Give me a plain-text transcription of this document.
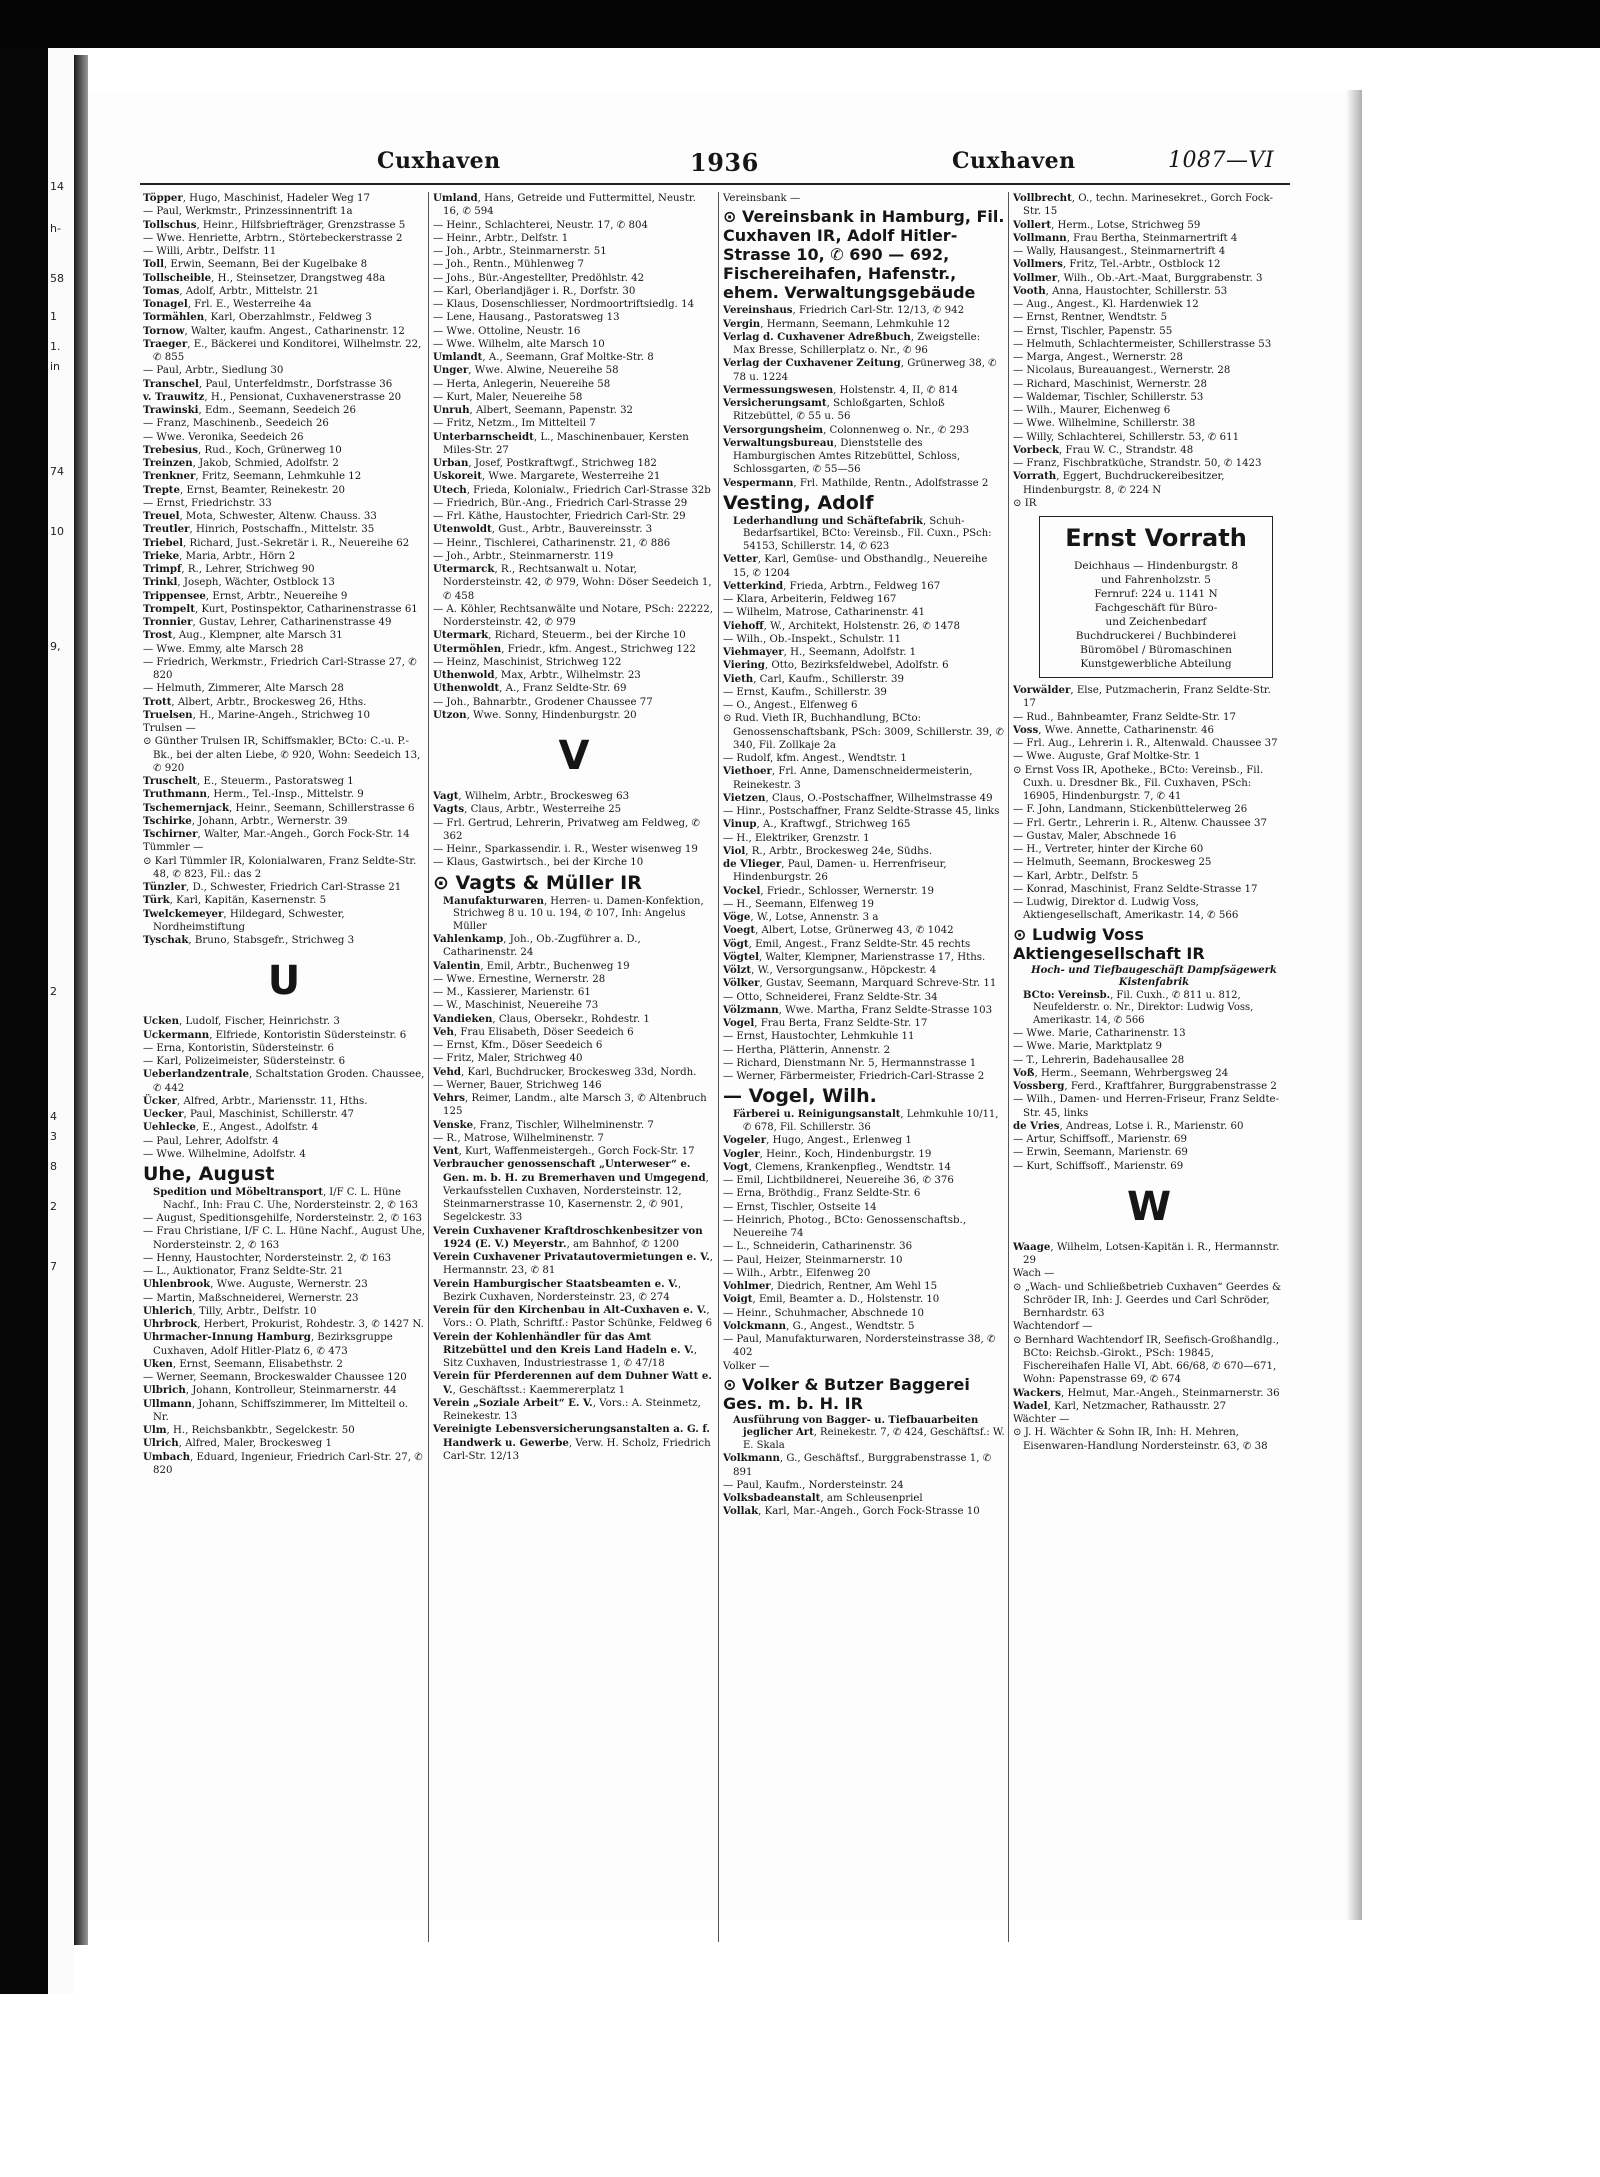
Cuxhaven	1936	Cuxhaven	1087—VI

Töpper, Hugo, Maschinist, Hadeler Weg 17

— Paul, Werkmstr., Prinzessinnentrift 1a

Tollschus, Heinr., Hilfsbriefträger, Grenzstrasse 5

— Wwe. Henriette, Arbtrn., Störtebeckerstrasse 2

— Willi, Arbtr., Delfstr. 11

Toll, Erwin, Seemann, Bei der Kugelbake 8

Tollscheible, H., Steinsetzer, Drangstweg 48a

Tomas, Adolf, Arbtr., Mittelstr. 21

Tonagel, Frl. E., Westerreihe 4a

Tormählen, Karl, Oberzahlmstr., Feldweg 3

Tornow, Walter, kaufm. Angest., Catharinenstr. 12

Traeger, E., Bäckerei und Konditorei, Wilhelmstr. 22, ✆ 855

— Paul, Arbtr., Siedlung 30

Transchel, Paul, Unterfeldmstr., Dorfstrasse 36

v. Trauwitz, H., Pensionat, Cuxhavenerstrasse 20

Trawinski, Edm., Seemann, Seedeich 26

— Franz, Maschinenb., Seedeich 26

— Wwe. Veronika, Seedeich 26

Trebesius, Rud., Koch, Grünerweg 10

Treinzen, Jakob, Schmied, Adolfstr. 2

Trenkner, Fritz, Seemann, Lehmkuhle 12

Trepte, Ernst, Beamter, Reinekestr. 20

— Ernst, Friedrichstr. 33

Treuel, Mota, Schwester, Altenw. Chauss. 33

Treutler, Hinrich, Postschaffn., Mittelstr. 35

Triebel, Richard, Just.-Sekretär i. R., Neuereihe 62

Trieke, Maria, Arbtr., Hörn 2

Trimpf, R., Lehrer, Strichweg 90

Trinkl, Joseph, Wächter, Ostblock 13

Trippensee, Ernst, Arbtr., Neuereihe 9

Trompelt, Kurt, Postinspektor, Catharinenstrasse 61

Tronnier, Gustav, Lehrer, Catharinenstrasse 49

Trost, Aug., Klempner, alte Marsch 31

— Wwe. Emmy, alte Marsch 28

— Friedrich, Werkmstr., Friedrich Carl-Strasse 27, ✆ 820

— Helmuth, Zimmerer, Alte Marsch 28

Trott, Albert, Arbtr., Brockesweg 26, Hths.

Truelsen, H., Marine-Angeh., Strichweg 10

Trulsen —

⊙ Günther Trulsen IR, Schiffsmakler, BCto: C.-u. P.-Bk., bei der alten Liebe, ✆ 920, Wohn: Seedeich 13, ✆ 920

Truschelt, E., Steuerm., Pastoratsweg 1

Truthmann, Herm., Tel.-Insp., Mittelstr. 9

Tschemernjack, Heinr., Seemann, Schillerstrasse 6

Tschirke, Johann, Arbtr., Wernerstr. 39

Tschirner, Walter, Mar.-Angeh., Gorch Fock-Str. 14

Tümmler —

⊙ Karl Tümmler IR, Kolonialwaren, Franz Seldte-Str. 48, ✆ 823, Fil.: das 2

Tünzler, D., Schwester, Friedrich Carl-Strasse 21

Türk, Karl, Kapitän, Kasernenstr. 5

Twelckemeyer, Hildegard, Schwester, Nordheimstiftung

Tyschak, Bruno, Stabsgefr., Strichweg 3

U

Ucken, Ludolf, Fischer, Heinrichstr. 3

Uckermann, Elfriede, Kontoristin Südersteinstr. 6

— Erna, Kontoristin, Südersteinstr. 6

— Karl, Polizeimeister, Südersteinstr. 6

Ueberlandzentrale, Schaltstation Groden. Chaussee, ✆ 442

Ücker, Alfred, Arbtr., Mariensstr. 11, Hths.

Uecker, Paul, Maschinist, Schillerstr. 47

Uehlecke, E., Angest., Adolfstr. 4

— Paul, Lehrer, Adolfstr. 4

— Wwe. Wilhelmine, Adolfstr. 4

Uhe, August

Spedition und Möbeltransport, I/F C. L. Hüne Nachf., Inh: Frau C. Uhe, Nordersteinstr. 2, ✆ 163

— August, Speditionsgehilfe, Nordersteinstr. 2, ✆ 163

— Frau Christiane, I/F C. L. Hüne Nachf., August Uhe, Nordersteinstr. 2, ✆ 163

— Henny, Haustochter, Nordersteinstr. 2, ✆ 163

— L., Auktionator, Franz Seldte-Str. 21

Uhlenbrook, Wwe. Auguste, Wernerstr. 23

— Martin, Maßschneiderei, Wernerstr. 23

Uhlerich, Tilly, Arbtr., Delfstr. 10

Uhrbrock, Herbert, Prokurist, Rohdestr. 3, ✆ 1427 N.

Uhrmacher-Innung Hamburg, Bezirksgruppe Cuxhaven, Adolf Hitler-Platz 6, ✆ 473

Uken, Ernst, Seemann, Elisabethstr. 2

— Werner, Seemann, Brockeswalder Chaussee 120

Ulbrich, Johann, Kontrolleur, Steinmarnerstr. 44

Ullmann, Johann, Schiffszimmerer, Im Mittelteil o. Nr.

Ulm, H., Reichsbankbtr., Segelckestr. 50

Ulrich, Alfred, Maler, Brockesweg 1

Umbach, Eduard, Ingenieur, Friedrich Carl-Str. 27, ✆ 820

Umland, Hans, Getreide und Futtermittel, Neustr. 16, ✆ 594

— Heinr., Schlachterei, Neustr. 17, ✆ 804

— Heinr., Arbtr., Delfstr. 1

— Joh., Arbtr., Steinmarnerstr. 51

— Joh., Rentn., Mühlenweg 7

— Johs., Bür.-Angestellter, Predöhlstr. 42

— Karl, Oberlandjäger i. R., Dorfstr. 30

— Klaus, Dosenschliesser, Nordmoortriftsiedlg. 14

— Lene, Hausang., Pastoratsweg 13

— Wwe. Ottoline, Neustr. 16

— Wwe. Wilhelm, alte Marsch 10

Umlandt, A., Seemann, Graf Moltke-Str. 8

Unger, Wwe. Alwine, Neuereihe 58

— Herta, Anlegerin, Neuereihe 58

— Kurt, Maler, Neuereihe 58

Unruh, Albert, Seemann, Papenstr. 32

— Fritz, Netzm., Im Mittelteil 7

Unterbarnscheidt, L., Maschinenbauer, Kersten Miles-Str. 27

Urban, Josef, Postkraftwgf., Strichweg 182

Uskoreit, Wwe. Margarete, Westerreihe 21

Utech, Frieda, Kolonialw., Friedrich Carl-Strasse 32b

— Friedrich, Bür.-Ang., Friedrich Carl-Strasse 29

— Frl. Käthe, Haustochter, Friedrich Carl-Str. 29

Utenwoldt, Gust., Arbtr., Bauvereinsstr. 3

— Heinr., Tischlerei, Catharinenstr. 21, ✆ 886

— Joh., Arbtr., Steinmarnerstr. 119

Utermarck, R., Rechtsanwalt u. Notar, Nordersteinstr. 42, ✆ 979, Wohn: Döser Seedeich 1, ✆ 458

— A. Köhler, Rechtsanwälte und Notare, PSch: 22222, Nordersteinstr. 42, ✆ 979

Utermark, Richard, Steuerm., bei der Kirche 10

Utermöhlen, Friedr., kfm. Angest., Strichweg 122

— Heinz, Maschinist, Strichweg 122

Uthenwold, Max, Arbtr., Wilhelmstr. 23

Uthenwoldt, A., Franz Seldte-Str. 69

— Joh., Bahnarbtr., Grodener Chaussee 77

Utzon, Wwe. Sonny, Hindenburgstr. 20

V

Vagt, Wilhelm, Arbtr., Brockesweg 63

Vagts, Claus, Arbtr., Westerreihe 25

— Frl. Gertrud, Lehrerin, Privatweg am Feldweg, ✆ 362

— Heinr., Sparkassendir. i. R., Wester wisenweg 19

— Klaus, Gastwirtsch., bei der Kirche 10

⊙ Vagts & Müller IR

Manufakturwaren, Herren- u. Damen-Konfektion, Strichweg 8 u. 10 u. 194, ✆ 107, Inh: Angelus Müller

Vahlenkamp, Joh., Ob.-Zugführer a. D., Catharinenstr. 24

Valentin, Emil, Arbtr., Buchenweg 19

— Wwe. Ernestine, Wernerstr. 28

— M., Kassierer, Marienstr. 61

— W., Maschinist, Neuereihe 73

Vandieken, Claus, Obersekr., Rohdestr. 1

Veh, Frau Elisabeth, Döser Seedeich 6

— Ernst, Kfm., Döser Seedeich 6

— Fritz, Maler, Strichweg 40

Vehd, Karl, Buchdrucker, Brockesweg 33d, Nordh.

— Werner, Bauer, Strichweg 146

Vehrs, Reimer, Landm., alte Marsch 3, ✆ Altenbruch 125

Venske, Franz, Tischler, Wilhelminenstr. 7

— R., Matrose, Wilhelminenstr. 7

Vent, Kurt, Waffenmeistergeh., Gorch Fock-Str. 17

Verbraucher genossenschaft „Unterweser“ e. Gen. m. b. H. zu Bremerhaven und Umgegend, Verkaufsstellen Cuxhaven, Nordersteinstr. 12, Steinmarnerstrasse 10, Kasernenstr. 2, ✆ 901, Segelckestr. 33

Verein Cuxhavener Kraftdroschkenbesitzer von 1924 (E. V.) Meyerstr., am Bahnhof, ✆ 1200

Verein Cuxhavener Privatautovermietungen e. V., Hermannstr. 23, ✆ 81

Verein Hamburgischer Staatsbeamten e. V., Bezirk Cuxhaven, Nordersteinstr. 23, ✆ 274

Verein für den Kirchenbau in Alt-Cuxhaven e. V., Vors.: O. Plath, Schriftf.: Pastor Schünke, Feldweg 6

Verein der Kohlenhändler für das Amt Ritzebüttel und den Kreis Land Hadeln e. V., Sitz Cuxhaven, Industriestrasse 1, ✆ 47/18

Verein für Pferderennen auf dem Duhner Watt e. V., Geschäftsst.: Kaemmererplatz 1

Verein „Soziale Arbeit“ E. V., Vors.: A. Steinmetz, Reinekestr. 13

Vereinigte Lebensversicherungsanstalten a. G. f. Handwerk u. Gewerbe, Verw. H. Scholz, Friedrich Carl-Str. 12/13

Vereinsbank —

⊙ Vereinsbank in Hamburg, Fil. Cuxhaven IR, Adolf Hitler-Strasse 10, ✆ 690 — 692, Fischereihafen, Hafenstr., ehem. Verwaltungsgebäude

Vereinshaus, Friedrich Carl-Str. 12/13, ✆ 942

Vergin, Hermann, Seemann, Lehmkuhle 12

Verlag d. Cuxhavener Adreßbuch, Zweigstelle: Max Bresse, Schillerplatz o. Nr., ✆ 96

Verlag der Cuxhavener Zeitung, Grünerweg 38, ✆ 78 u. 1224

Vermessungswesen, Holstenstr. 4, II, ✆ 814

Versicherungsamt, Schloßgarten, Schloß Ritzebüttel, ✆ 55 u. 56

Versorgungsheim, Colonnenweg o. Nr., ✆ 293

Verwaltungsbureau, Dienststelle des Hamburgischen Amtes Ritzebüttel, Schloss, Schlossgarten, ✆ 55—56

Vespermann, Frl. Mathilde, Rentn., Adolfstrasse 2

Vesting, Adolf

Lederhandlung und Schäftefabrik, Schuh-Bedarfsartikel, BCto: Vereinsb., Fil. Cuxn., PSch: 54153, Schillerstr. 14, ✆ 623

Vetter, Karl, Gemüse- und Obsthandlg., Neuereihe 15, ✆ 1204

Vetterkind, Frieda, Arbtrn., Feldweg 167

— Klara, Arbeiterin, Feldweg 167

— Wilhelm, Matrose, Catharinenstr. 41

Viehoff, W., Architekt, Holstenstr. 26, ✆ 1478

— Wilh., Ob.-Inspekt., Schulstr. 11

Viehmayer, H., Seemann, Adolfstr. 1

Viering, Otto, Bezirksfeldwebel, Adolfstr. 6

Vieth, Carl, Kaufm., Schillerstr. 39

— Ernst, Kaufm., Schillerstr. 39

— O., Angest., Elfenweg 6

⊙ Rud. Vieth IR, Buchhandlung, BCto: Genossenschaftsbank, PSch: 3009, Schillerstr. 39, ✆ 340, Fil. Zollkaje 2a

— Rudolf, kfm. Angest., Wendtstr. 1

Viethoer, Frl. Anne, Damenschneidermeisterin, Reinekestr. 3

Vietzen, Claus, O.-Postschaffner, Wilhelmstrasse 49

— Hinr., Postschaffner, Franz Seldte-Strasse 45, links

Vinup, A., Kraftwgf., Strichweg 165

— H., Elektriker, Grenzstr. 1

Viol, R., Arbtr., Brockesweg 24e, Südhs.

de Vlieger, Paul, Damen- u. Herrenfriseur, Hindenburgstr. 26

Vockel, Friedr., Schlosser, Wernerstr. 19

— H., Seemann, Elfenweg 19

Vöge, W., Lotse, Annenstr. 3 a

Voegt, Albert, Lotse, Grünerweg 43, ✆ 1042

Vögt, Emil, Angest., Franz Seldte-Str. 45 rechts

Vögtel, Walter, Klempner, Marienstrasse 17, Hths.

Völzt, W., Versorgungsanw., Höpckestr. 4

Völker, Gustav, Seemann, Marquard Schreve-Str. 11

— Otto, Schneiderei, Franz Seldte-Str. 34

Völzmann, Wwe. Martha, Franz Seldte-Strasse 103

Vogel, Frau Berta, Franz Seldte-Str. 17

— Ernst, Haustochter, Lehmkuhle 11

— Hertha, Plätterin, Annenstr. 2

— Richard, Dienstmann Nr. 5, Hermannstrasse 1

— Werner, Färbermeister, Friedrich-Carl-Strasse 2

— Vogel, Wilh.

Färberei u. Reinigungsanstalt, Lehmkuhle 10/11, ✆ 678, Fil. Schillerstr. 36

Vogeler, Hugo, Angest., Erlenweg 1

Vogler, Heinr., Koch, Hindenburgstr. 19

Vogt, Clemens, Krankenpfleg., Wendtstr. 14

— Emil, Lichtbildnerei, Neuereihe 36, ✆ 376

— Erna, Bröthdig., Franz Seldte-Str. 6

— Ernst, Tischler, Ostseite 14

— Heinrich, Photog., BCto: Genossenschaftsb., Neuereihe 74

— L., Schneiderin, Catharinenstr. 36

— Paul, Heizer, Steinmarnerstr. 10

— Wilh., Arbtr., Elfenweg 20

Vohlmer, Diedrich, Rentner, Am Wehl 15

Voigt, Emil, Beamter a. D., Holstenstr. 10

— Heinr., Schuhmacher, Abschnede 10

Volckmann, G., Angest., Wendtstr. 5

— Paul, Manufakturwaren, Nordersteinstrasse 38, ✆ 402

Volker —

⊙ Volker & Butzer Baggerei Ges. m. b. H. IR

Ausführung von Bagger- u. Tiefbauarbeiten jeglicher Art, Reinekestr. 7, ✆ 424, Geschäftsf.: W. E. Skala

Volkmann, G., Geschäftsf., Burggrabenstrasse 1, ✆ 891

— Paul, Kaufm., Nordersteinstr. 24

Volksbadeanstalt, am Schleusenpriel

Vollak, Karl, Mar.-Angeh., Gorch Fock-Strasse 10

Vollbrecht, O., techn. Marinesekret., Gorch Fock-Str. 15

Vollert, Herm., Lotse, Strichweg 59

Vollmann, Frau Bertha, Steinmarnertrift 4

— Wally, Hausangest., Steinmarnertrift 4

Vollmers, Fritz, Tel.-Arbtr., Ostblock 12

Vollmer, Wilh., Ob.-Art.-Maat, Burggrabenstr. 3

Vooth, Anna, Haustochter, Schillerstr. 53

— Aug., Angest., Kl. Hardenwiek 12

— Ernst, Rentner, Wendtstr. 5

— Ernst, Tischler, Papenstr. 55

— Helmuth, Schlachtermeister, Schillerstrasse 53

— Marga, Angest., Wernerstr. 28

— Nicolaus, Bureauangest., Wernerstr. 28

— Richard, Maschinist, Wernerstr. 28

— Waldemar, Tischler, Schillerstr. 53

— Wilh., Maurer, Eichenweg 6

— Wwe. Wilhelmine, Schillerstr. 38

— Willy, Schlachterei, Schillerstr. 53, ✆ 611

Vorbeck, Frau W. C., Strandstr. 48

— Franz, Fischbratküche, Strandstr. 50, ✆ 1423

Vorrath, Eggert, Buchdruckereibesitzer, Hindenburgstr. 8, ✆ 224 N

⊙ IR

Ernst Vorrath

Deichhaus — Hindenburgstr. 8

und Fahrenholzstr. 5

Fernruf: 224 u. 1141 N

Fachgeschäft für Büro-

und Zeichenbedarf

Buchdruckerei / Buchbinderei

Büromöbel / Büromaschinen

Kunstgewerbliche Abteilung

Vorwälder, Else, Putzmacherin, Franz Seldte-Str. 17

— Rud., Bahnbeamter, Franz Seldte-Str. 17

Voss, Wwe. Annette, Catharinenstr. 46

— Frl. Aug., Lehrerin i. R., Altenwald. Chaussee 37

— Wwe. Auguste, Graf Moltke-Str. 1

⊙ Ernst Voss IR, Apotheke., BCto: Vereinsb., Fil. Cuxh. u. Dresdner Bk., Fil. Cuxhaven, PSch: 16905, Hindenburgstr. 7, ✆ 41

— F. John, Landmann, Stickenbüttelerweg 26

— Frl. Gertr., Lehrerin i. R., Altenw. Chaussee 37

— Gustav, Maler, Abschnede 16

— H., Vertreter, hinter der Kirche 60

— Helmuth, Seemann, Brockesweg 25

— Karl, Arbtr., Delfstr. 5

— Konrad, Maschinist, Franz Seldte-Strasse 17

— Ludwig, Direktor d. Ludwig Voss, Aktiengesellschaft, Amerikastr. 14, ✆ 566

⊙ Ludwig Voss Aktiengesellschaft IR
Hoch- und Tiefbaugeschäft Dampfsägewerk Kistenfabrik

BCto: Vereinsb., Fil. Cuxh., ✆ 811 u. 812, Neufelderstr. o. Nr., Direktor: Ludwig Voss, Amerikastr. 14, ✆ 566

— Wwe. Marie, Catharinenstr. 13

— Wwe. Marie, Marktplatz 9

— T., Lehrerin, Badehausallee 28

Voß, Herm., Seemann, Wehrbergsweg 24

Vossberg, Ferd., Kraftfahrer, Burggrabenstrasse 2

— Wilh., Damen- und Herren-Friseur, Franz Seldte-Str. 45, links

de Vries, Andreas, Lotse i. R., Marienstr. 60

— Artur, Schiffsoff., Marienstr. 69

— Erwin, Seemann, Marienstr. 69

— Kurt, Schiffsoff., Marienstr. 69

W

Waage, Wilhelm, Lotsen-Kapitän i. R., Hermannstr. 29

Wach —

⊙ „Wach- und Schließbetrieb Cuxhaven“ Geerdes & Schröder IR, Inh: J. Geerdes und Carl Schröder, Bernhardstr. 63

Wachtendorf —

⊙ Bernhard Wachtendorf IR, Seefisch-Großhandlg., BCto: Reichsb.-Girokt., PSch: 19845, Fischereihafen Halle VI, Abt. 66/68, ✆ 670—671, Wohn: Papenstrasse 69, ✆ 674

Wackers, Helmut, Mar.-Angeh., Steinmarnerstr. 36

Wadel, Karl, Netzmacher, Rathausstr. 27

Wächter —

⊙ J. H. Wächter & Sohn IR, Inh: H. Mehren, Eisenwaren-Handlung Nordersteinstr. 63, ✆ 38

14
h-
58
1
1.
in
74
10
9,
2
4
3
8
2
7
